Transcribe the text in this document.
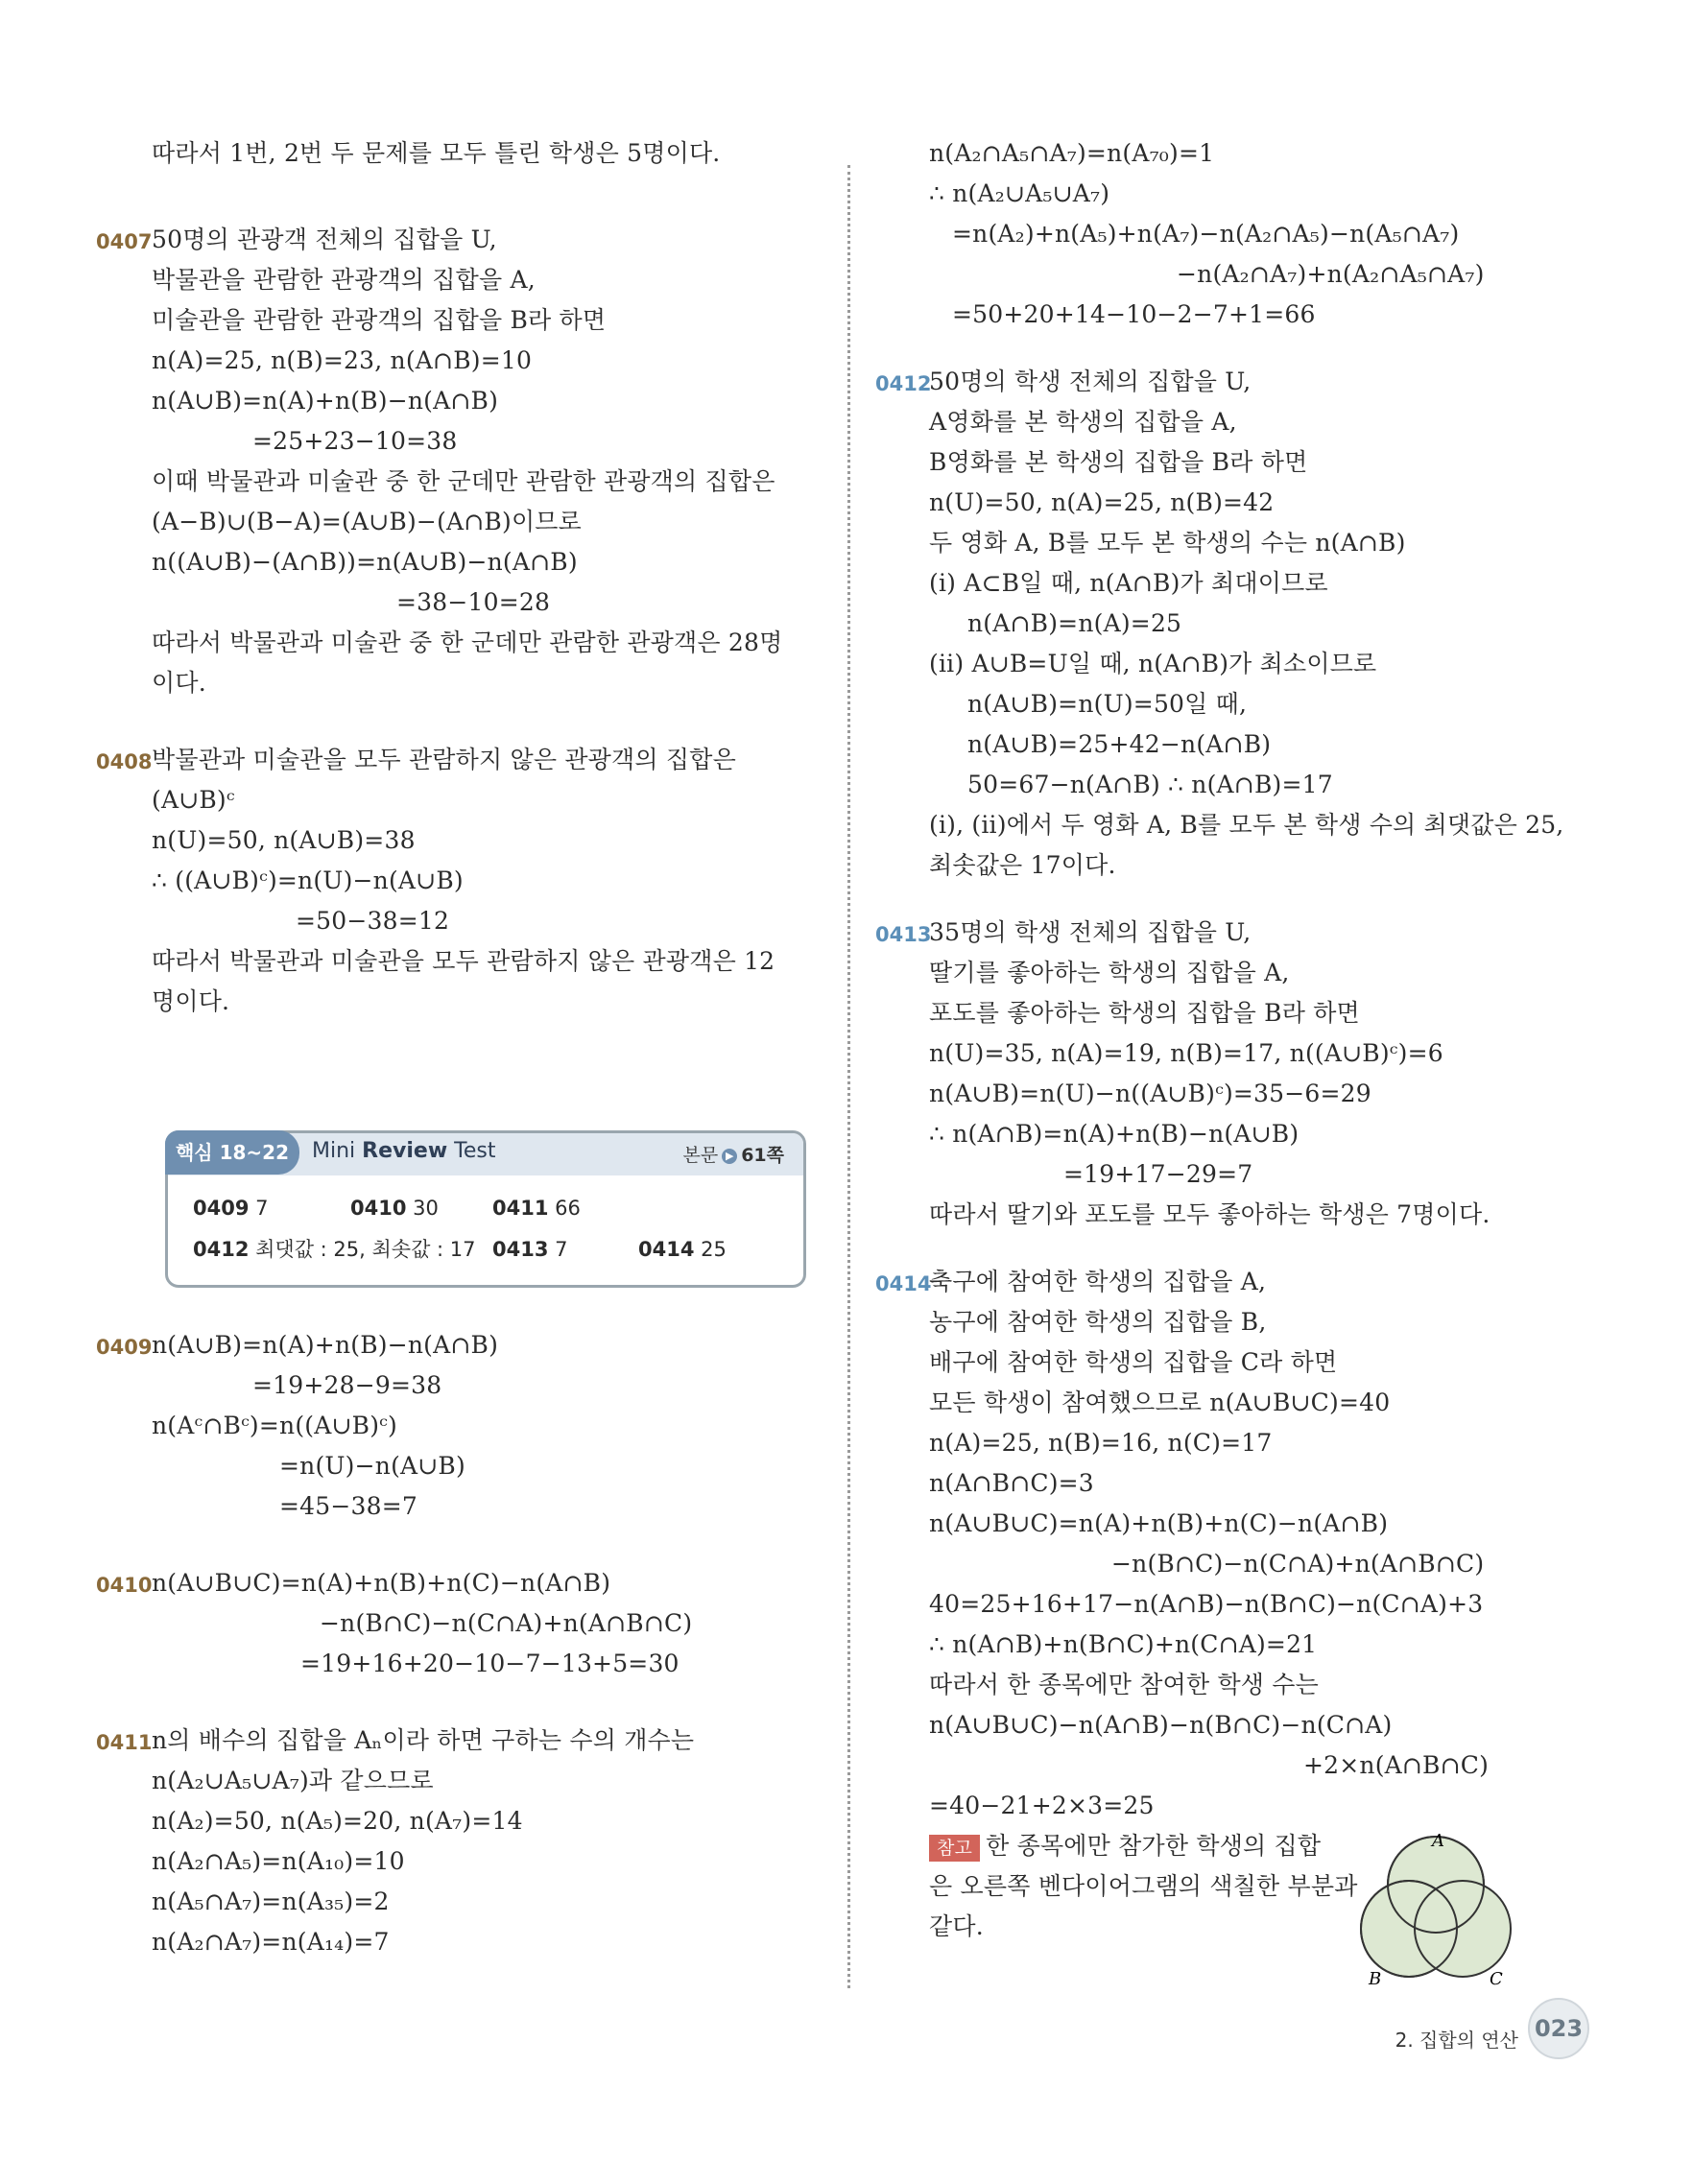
따라서 1번, 2번 두 문제를 모두 틀린 학생은 5명이다.
0407 50명의 관광객 전체의 집합을 U,
박물관을 관람한 관광객의 집합을 A,
미술관을 관람한 관광객의 집합을 B라 하면
n(A)=25, n(B)=23, n(A∩B)=10
n(A∪B)=n(A)+n(B)−n(A∩B)
=25+23−10=38
이때 박물관과 미술관 중 한 군데만 관람한 관광객의 집합은
(A−B)∪(B−A)=(A∪B)−(A∩B)이므로
n((A∪B)−(A∩B))=n(A∪B)−n(A∩B)
=38−10=28
따라서 박물관과 미술관 중 한 군데만 관람한 관광객은 28명
이다.
0408 박물관과 미술관을 모두 관람하지 않은 관광객의 집합은
(A∪B)ᶜ
n(U)=50, n(A∪B)=38
∴ ((A∪B)ᶜ)=n(U)−n(A∪B)
=50−38=12
따라서 박물관과 미술관을 모두 관람하지 않은 관광객은 12
명이다.
0409 n(A∪B)=n(A)+n(B)−n(A∩B)
=19+28−9=38
n(Aᶜ∩Bᶜ)=n((A∪B)ᶜ)
=n(U)−n(A∪B)
=45−38=7
0410 n(A∪B∪C)=n(A)+n(B)+n(C)−n(A∩B)
−n(B∩C)−n(C∩A)+n(A∩B∩C)
=19+16+20−10−7−13+5=30
0411 n의 배수의 집합을 Aₙ이라 하면 구하는 수의 개수는
n(A₂∪A₅∪A₇)과 같으므로
n(A₂)=50, n(A₅)=20, n(A₇)=14
n(A₂∩A₅)=n(A₁₀)=10
n(A₅∩A₇)=n(A₃₅)=2
n(A₂∩A₇)=n(A₁₄)=7
n(A₂∩A₅∩A₇)=n(A₇₀)=1
∴ n(A₂∪A₅∪A₇)
=n(A₂)+n(A₅)+n(A₇)−n(A₂∩A₅)−n(A₅∩A₇)
−n(A₂∩A₇)+n(A₂∩A₅∩A₇)
=50+20+14−10−2−7+1=66
0412
50명의 학생 전체의 집합을 U,
A영화를 본 학생의 집합을 A,
B영화를 본 학생의 집합을 B라 하면
n(U)=50, n(A)=25, n(B)=42
두 영화 A, B를 모두 본 학생의 수는 n(A∩B)
(i) A⊂B일 때, n(A∩B)가 최대이므로
n(A∩B)=n(A)=25
(ii) A∪B=U일 때, n(A∩B)가 최소이므로
n(A∪B)=n(U)=50일 때,
n(A∪B)=25+42−n(A∩B)
50=67−n(A∩B) ∴ n(A∩B)=17
(i), (ii)에서 두 영화 A, B를 모두 본 학생 수의 최댓값은 25,
최솟값은 17이다.
0413
35명의 학생 전체의 집합을 U,
딸기를 좋아하는 학생의 집합을 A,
포도를 좋아하는 학생의 집합을 B라 하면
n(U)=35, n(A)=19, n(B)=17, n((A∪B)ᶜ)=6
n(A∪B)=n(U)−n((A∪B)ᶜ)=35−6=29
∴ n(A∩B)=n(A)+n(B)−n(A∪B)
=19+17−29=7
따라서 딸기와 포도를 모두 좋아하는 학생은 7명이다.
0414
축구에 참여한 학생의 집합을 A,
농구에 참여한 학생의 집합을 B,
배구에 참여한 학생의 집합을 C라 하면
모든 학생이 참여했으므로 n(A∪B∪C)=40
n(A)=25, n(B)=16, n(C)=17
n(A∩B∩C)=3
n(A∪B∪C)=n(A)+n(B)+n(C)−n(A∩B)
−n(B∩C)−n(C∩A)+n(A∩B∩C)
40=25+16+17−n(A∩B)−n(B∩C)−n(C∩A)+3
∴ n(A∩B)+n(B∩C)+n(C∩A)=21
따라서 한 종목에만 참여한 학생 수는
n(A∪B∪C)−n(A∩B)−n(B∩C)−n(C∩A)
+2×n(A∩B∩C)
=40−21+2×3=25
참고 한 종목에만 참가한 학생의 집합
은 오른쪽 벤다이어그램의 색칠한 부분과
같다.
핵심 18~22	Mini Review Test	본문 ▶ 61쪽
0409 7	0410 30	0411 66
0412 최댓값 : 25, 최솟값 : 17 0413 7	0414 25
A
B	C
2. 집합의 연산 023
